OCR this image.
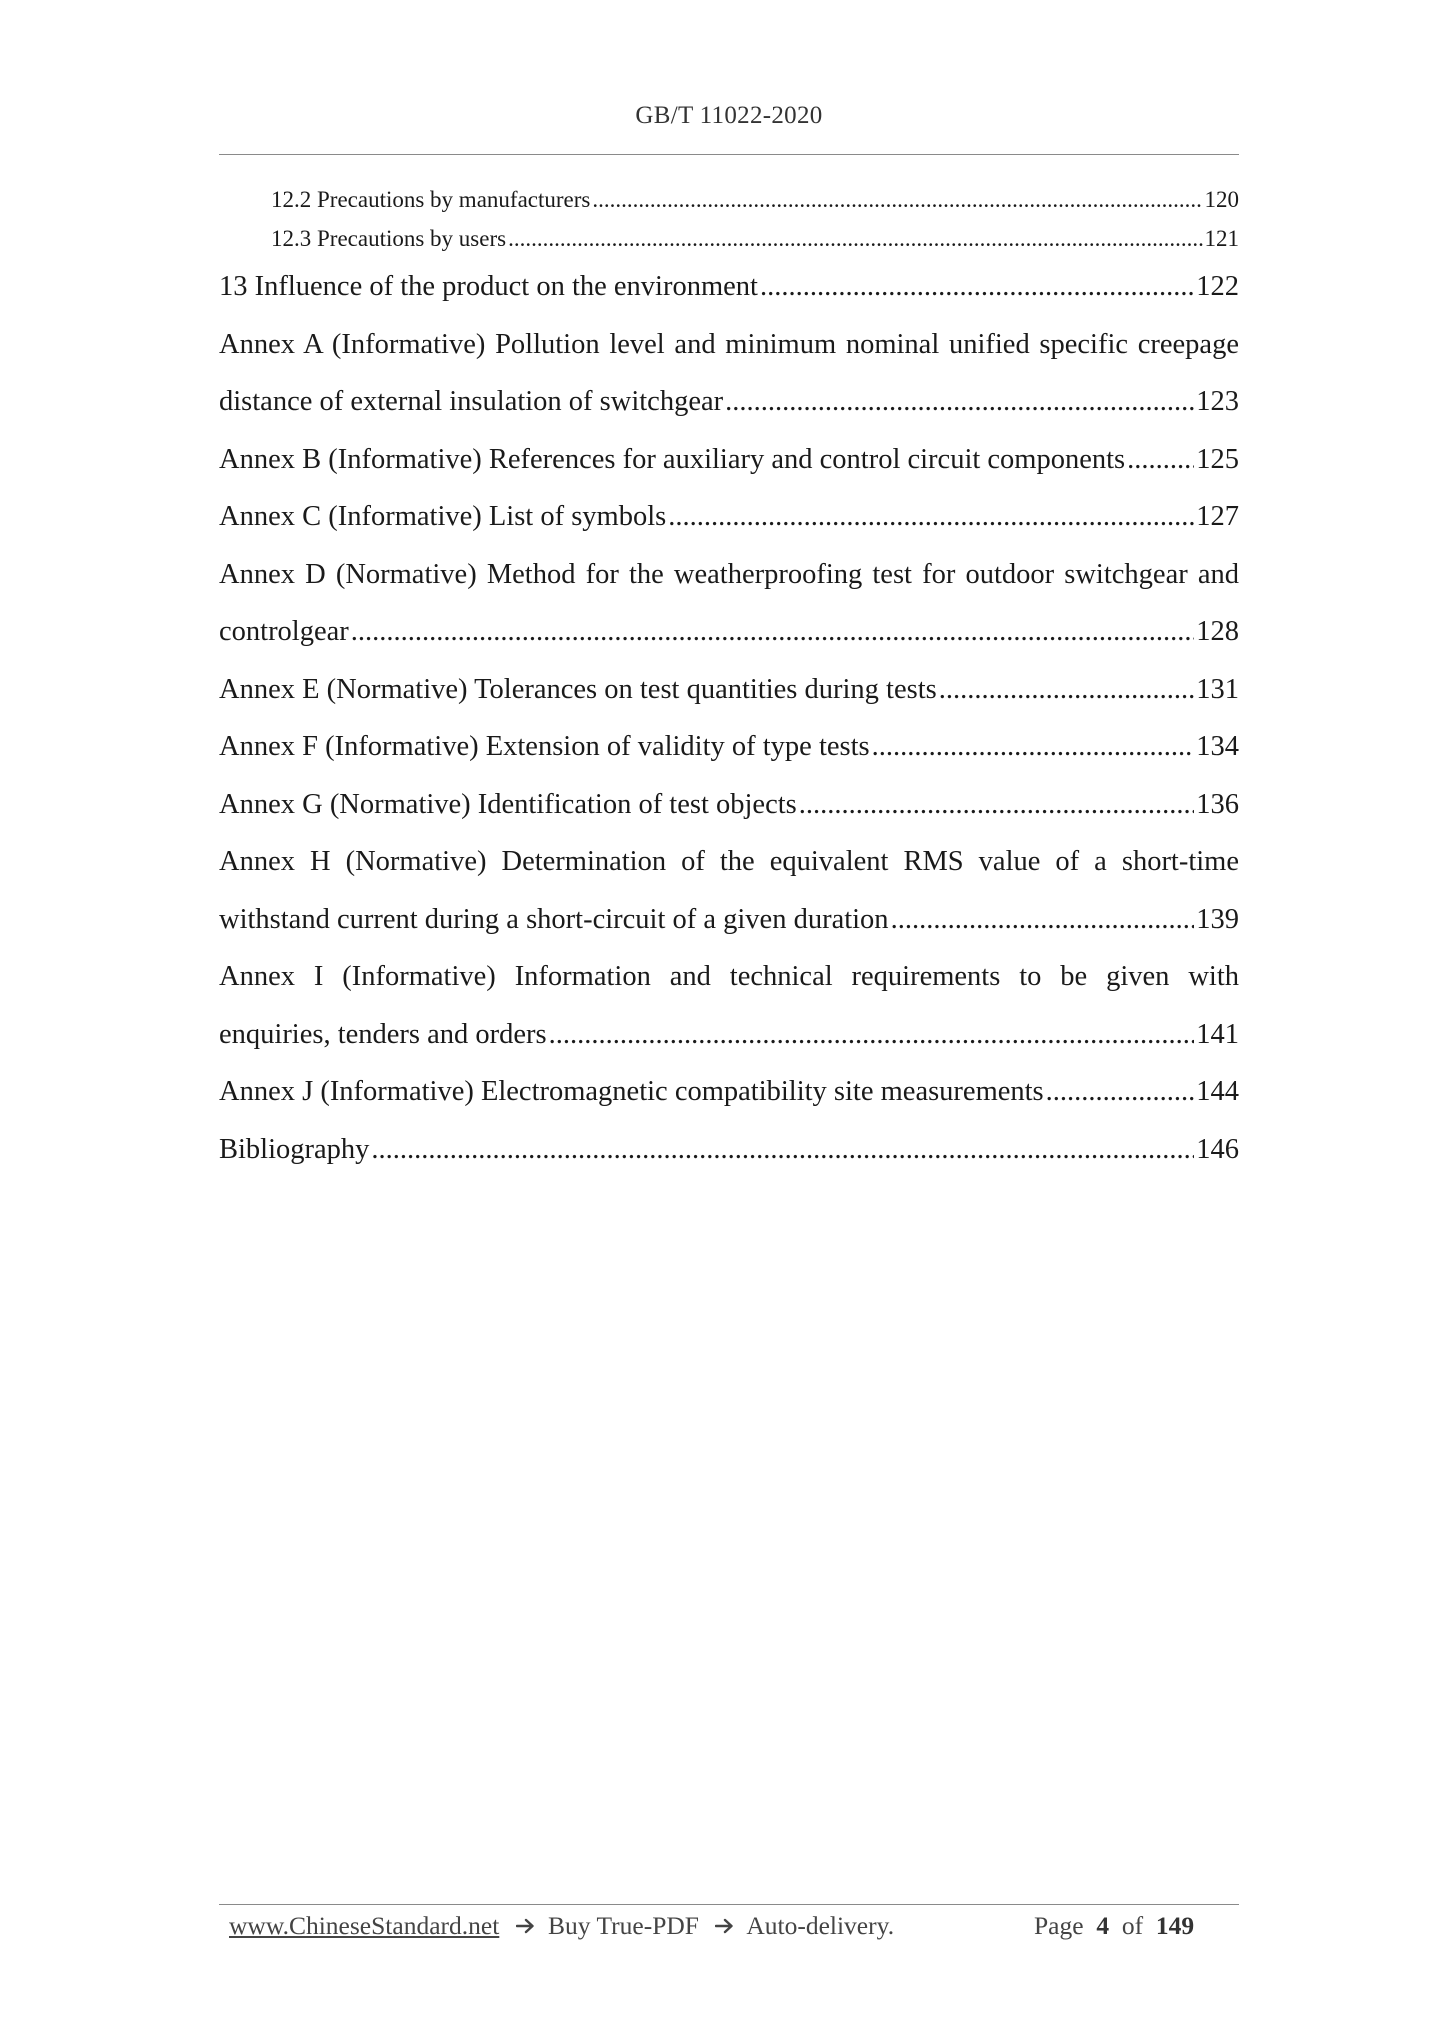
GB/T 11022-2020
12.2 Precautions by manufacturers .....	120
12.3 Precautions by users .....	121
13 Influence of the product on the environment .....	122
Annex A (Informative) Pollution level and minimum nominal unified specific creepage
distance of external insulation of switchgear .....	123
Annex B (Informative) References for auxiliary and control circuit components ..... 125
Annex C (Informative) List of symbols .....	127
Annex D (Normative) Method for the weatherproofing test for outdoor switchgear and
controlgear .....	128
Annex E (Normative) Tolerances on test quantities during tests .....	131
Annex F (Informative) Extension of validity of type tests .....	134
Annex G (Normative) Identification of test objects .....	136
Annex H (Normative) Determination of the equivalent RMS value of a short-time
withstand current during a short-circuit of a given duration .....	139
Annex I (Informative) Information and technical requirements to be given with
enquiries, tenders and orders .....	141
Annex J (Informative) Electromagnetic compatibility site measurements .....	144
Bibliography .....	146
www.ChineseStandard.net Buy True-PDF Auto-delivery.	Page 4 of 149
